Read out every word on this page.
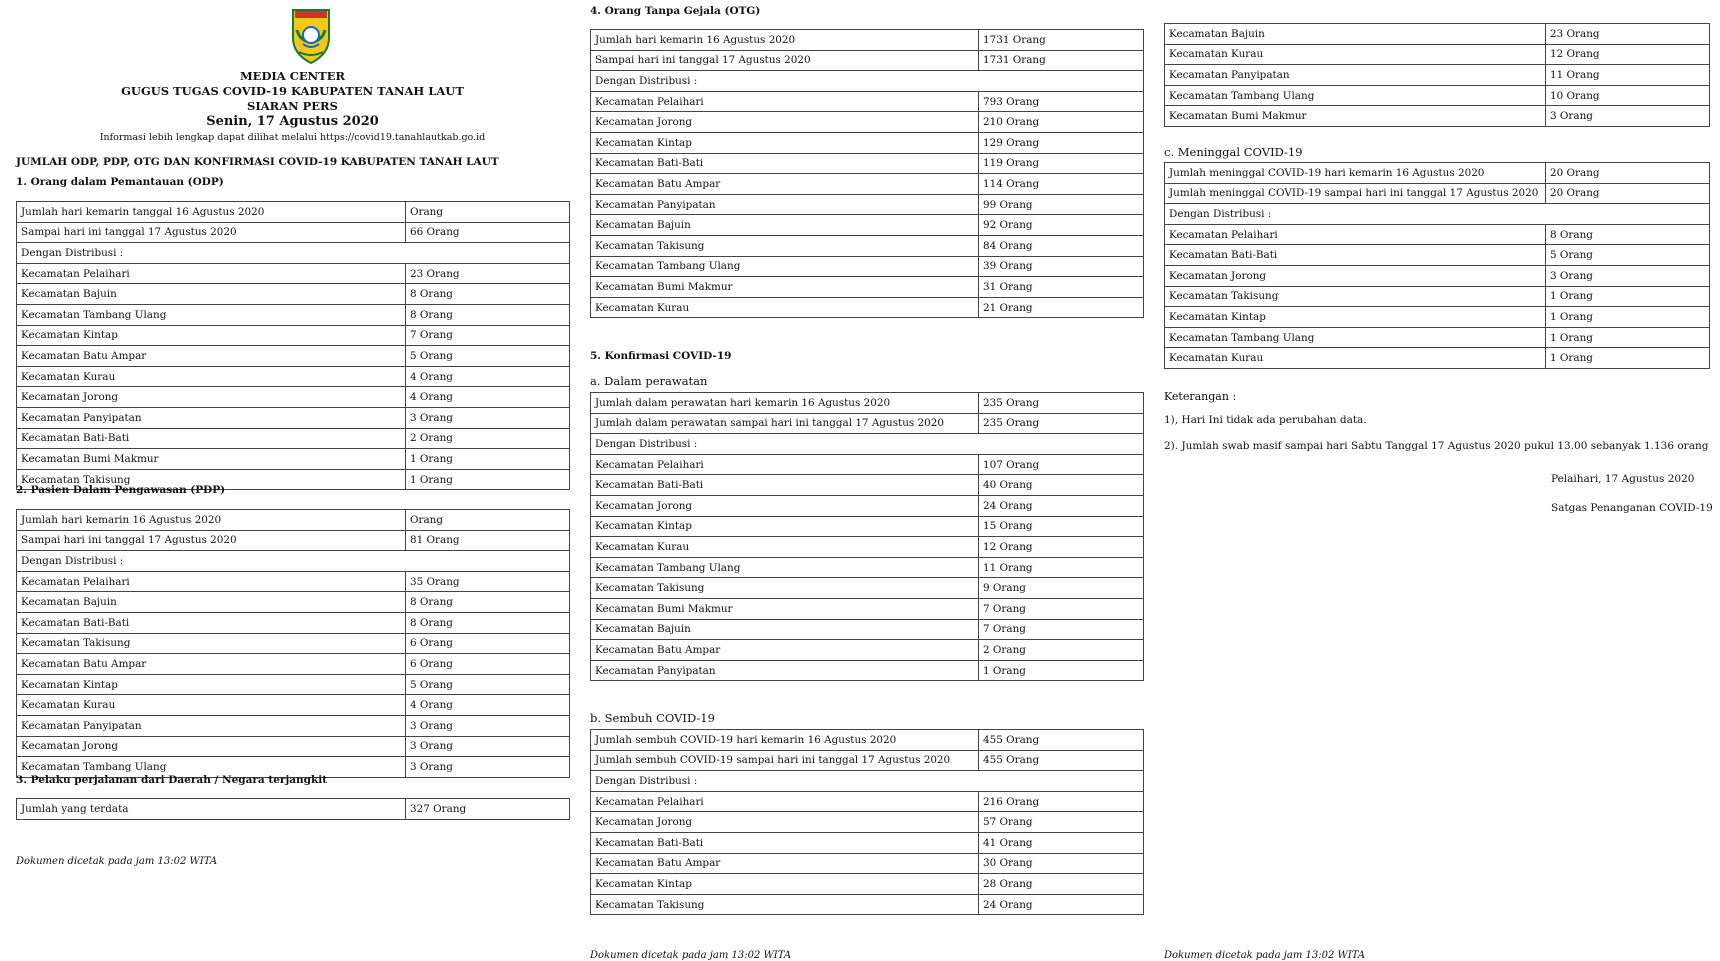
MEDIA CENTER
GUGUS TUGAS COVID-19 KABUPATEN TANAH LAUT
SIARAN PERS
Senin, 17 Agustus 2020
Informasi lebih lengkap dapat dilihat melalui https://covid19.tanahlautkab.go.id
JUMLAH ODP, PDP, OTG DAN KONFIRMASI COVID-19 KABUPATEN TANAH LAUT
1. Orang dalam Pemantauan (ODP)
Jumlah hari kemarin tanggal 16 Agustus 2020	Orang
Sampai hari ini tanggal 17 Agustus 2020	66 Orang
Dengan Distribusi :	
Kecamatan Pelaihari	23 Orang
Kecamatan Bajuin	8 Orang
Kecamatan Tambang Ulang	8 Orang
Kecamatan Kintap	7 Orang
Kecamatan Batu Ampar	5 Orang
Kecamatan Kurau	4 Orang
Kecamatan Jorong	4 Orang
Kecamatan Panyipatan	3 Orang
Kecamatan Bati-Bati	2 Orang
Kecamatan Bumi Makmur	1 Orang
Kecamatan Takisung	1 Orang
2. Pasien Dalam Pengawasan (PDP)
Jumlah hari kemarin 16 Agustus 2020	Orang
Sampai hari ini tanggal 17 Agustus 2020	81 Orang
Dengan Distribusi :	
Kecamatan Pelaihari	35 Orang
Kecamatan Bajuin	8 Orang
Kecamatan Bati-Bati	8 Orang
Kecamatan Takisung	6 Orang
Kecamatan Batu Ampar	6 Orang
Kecamatan Kintap	5 Orang
Kecamatan Kurau	4 Orang
Kecamatan Panyipatan	3 Orang
Kecamatan Jorong	3 Orang
Kecamatan Tambang Ulang	3 Orang
3. Pelaku perjalanan dari Daerah / Negara terjangkit
Jumlah yang terdata	327 Orang
Dokumen dicetak pada jam 13:02 WITA
4. Orang Tanpa Gejala (OTG)
Jumlah hari kemarin 16 Agustus 2020	1731 Orang
Sampai hari ini tanggal 17 Agustus 2020	1731 Orang
Dengan Distribusi :	
Kecamatan Pelaihari	793 Orang
Kecamatan Jorong	210 Orang
Kecamatan Kintap	129 Orang
Kecamatan Bati-Bati	119 Orang
Kecamatan Batu Ampar	114 Orang
Kecamatan Panyipatan	99 Orang
Kecamatan Bajuin	92 Orang
Kecamatan Takisung	84 Orang
Kecamatan Tambang Ulang	39 Orang
Kecamatan Bumi Makmur	31 Orang
Kecamatan Kurau	21 Orang
5. Konfirmasi COVID-19
a. Dalam perawatan
Jumlah dalam perawatan hari kemarin 16 Agustus 2020	235 Orang
Jumlah dalam perawatan sampai hari ini tanggal 17 Agustus 2020	235 Orang
Dengan Distribusi :	
Kecamatan Pelaihari	107 Orang
Kecamatan Bati-Bati	40 Orang
Kecamatan Jorong	24 Orang
Kecamatan Kintap	15 Orang
Kecamatan Kurau	12 Orang
Kecamatan Tambang Ulang	11 Orang
Kecamatan Takisung	9 Orang
Kecamatan Bumi Makmur	7 Orang
Kecamatan Bajuin	7 Orang
Kecamatan Batu Ampar	2 Orang
Kecamatan Panyipatan	1 Orang
b. Sembuh COVID-19
Jumlah sembuh COVID-19 hari kemarin 16 Agustus 2020	455 Orang
Jumlah sembuh COVID-19 sampai hari ini tanggal 17 Agustus 2020	455 Orang
Dengan Distribusi :	
Kecamatan Pelaihari	216 Orang
Kecamatan Jorong	57 Orang
Kecamatan Bati-Bati	41 Orang
Kecamatan Batu Ampar	30 Orang
Kecamatan Kintap	28 Orang
Kecamatan Takisung	24 Orang
Dokumen dicetak pada jam 13:02 WITA
Kecamatan Bajuin	23 Orang
Kecamatan Kurau	12 Orang
Kecamatan Panyipatan	11 Orang
Kecamatan Tambang Ulang	10 Orang
Kecamatan Bumi Makmur	3 Orang
c. Meninggal COVID-19
Jumlah meninggal COVID-19 hari kemarin 16 Agustus 2020	20 Orang
Jumlah meninggal COVID-19 sampai hari ini tanggal 17 Agustus 2020	20 Orang
Dengan Distribusi :	
Kecamatan Pelaihari	8 Orang
Kecamatan Bati-Bati	5 Orang
Kecamatan Jorong	3 Orang
Kecamatan Takisung	1 Orang
Kecamatan Kintap	1 Orang
Kecamatan Tambang Ulang	1 Orang
Kecamatan Kurau	1 Orang
Keterangan :
1), Hari Ini tidak ada perubahan data.
2). Jumlah swab masif sampai hari Sabtu Tanggal 17 Agustus 2020 pukul 13.00 sebanyak 1.136 orang
Pelaihari, 17 Agustus 2020
Satgas Penanganan COVID-19
Dokumen dicetak pada jam 13:02 WITA
